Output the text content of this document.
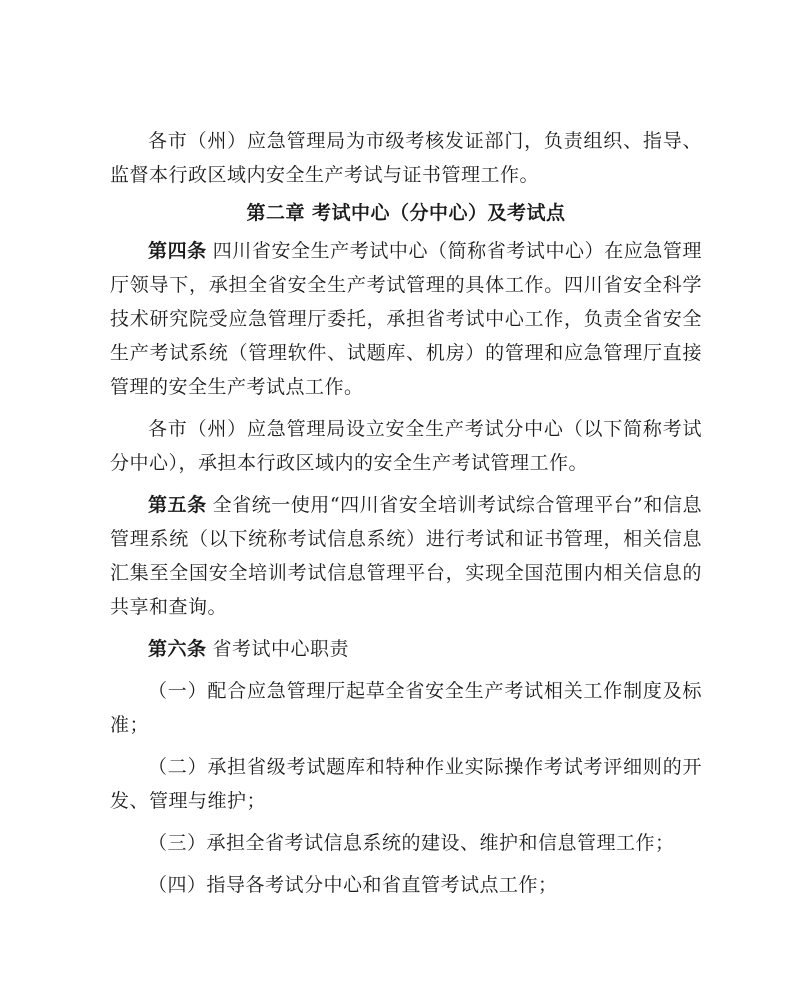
各市（州）应急管理局为市级考核发证部门，负责组织、指导、监督本行政区域内安全生产考试与证书管理工作。

第二章 考试中心（分中心）及考试点

第四条 四川省安全生产考试中心（简称省考试中心）在应急管理厅领导下，承担全省安全生产考试管理的具体工作。四川省安全科学技术研究院受应急管理厅委托，承担省考试中心工作，负责全省安全生产考试系统（管理软件、试题库、机房）的管理和应急管理厅直接管理的安全生产考试点工作。

各市（州）应急管理局设立安全生产考试分中心（以下简称考试分中心），承担本行政区域内的安全生产考试管理工作。

第五条 全省统一使用“四川省安全培训考试综合管理平台”和信息管理系统（以下统称考试信息系统）进行考试和证书管理，相关信息汇集至全国安全培训考试信息管理平台，实现全国范围内相关信息的共享和查询。

第六条 省考试中心职责

（一）配合应急管理厅起草全省安全生产考试相关工作制度及标准；

（二）承担省级考试题库和特种作业实际操作考试考评细则的开发、管理与维护；

（三）承担全省考试信息系统的建设、维护和信息管理工作；

（四）指导各考试分中心和省直管考试点工作；
